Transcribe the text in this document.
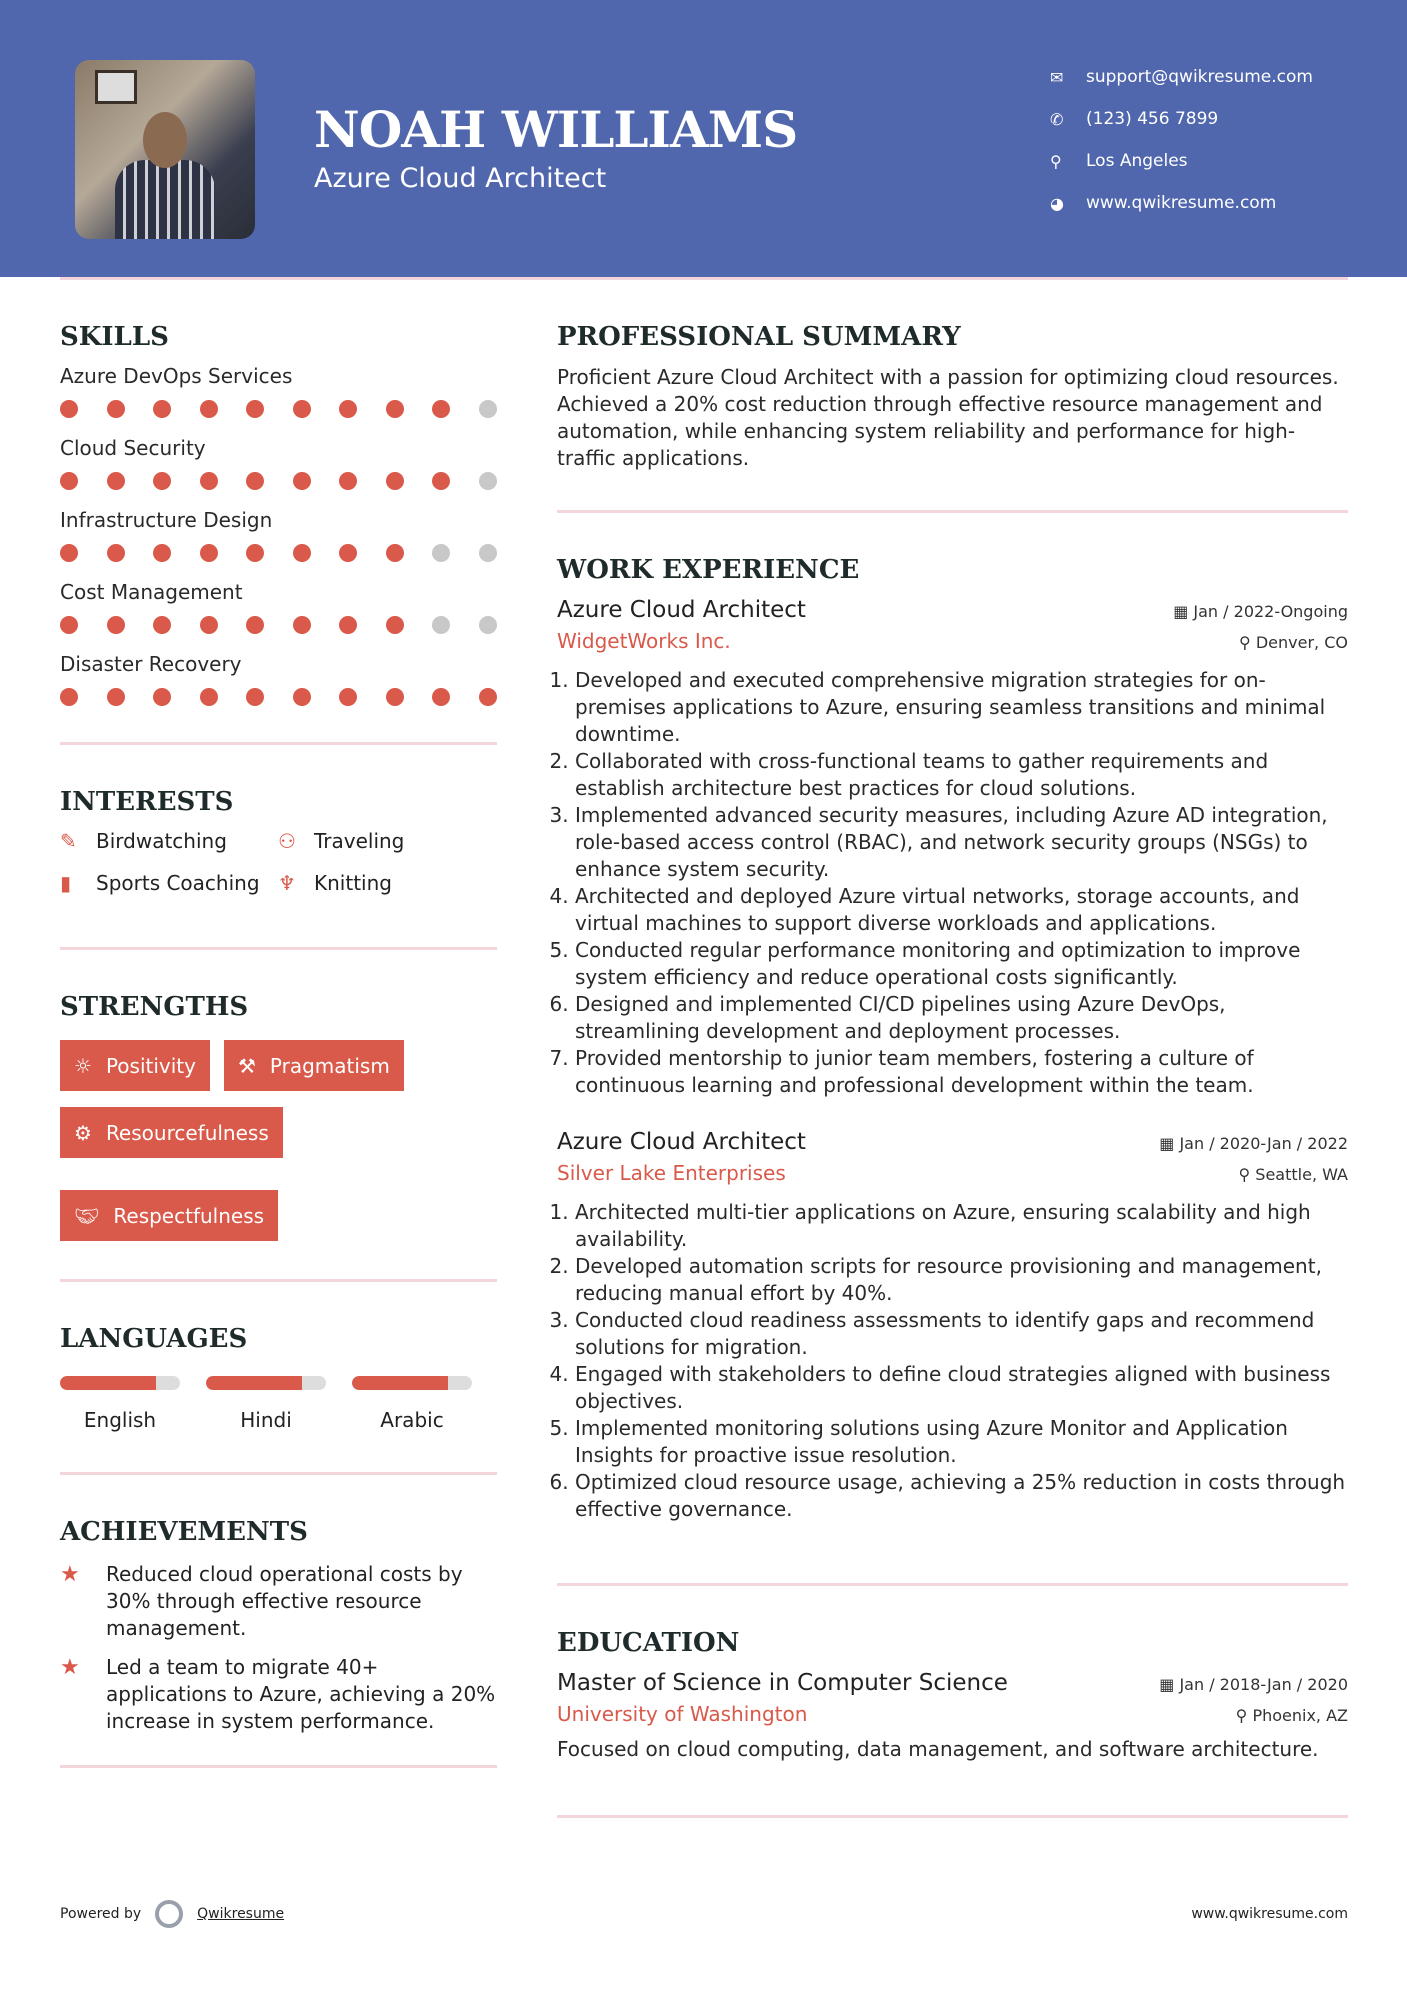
NOAH WILLIAMS
Azure Cloud Architect
✉	support@qwikresume.com
✆	(123) 456 7899
⚲	Los Angeles
◕	www.qwikresume.com
SKILLS
Azure DevOps Services
Cloud Security
Infrastructure Design
Cost Management
Disaster Recovery
INTERESTS
✎ Birdwatching	⚇ Traveling
▮	Sports Coaching ♆ Knitting
STRENGTHS
☼ Positivity ⚒ Pragmatism
⚙ Resourcefulness
🤝︎ Respectfulness
LANGUAGES
English	Hindi	Arabic
ACHIEVEMENTS
★	Reduced cloud operational costs by 30% through effective resource management.
★	Led a team to migrate 40+ applications to Azure, achieving a 20% increase in system performance.
PROFESSIONAL SUMMARY

Proficient Azure Cloud Architect with a passion for optimizing cloud resources. Achieved a 20% cost reduction through effective resource management and automation, while enhancing system reliability and performance for high-traffic applications.

WORK EXPERIENCE
Azure Cloud Architect	▦ Jan / 2022-Ongoing
WidgetWorks Inc.	⚲ Denver, CO
1. Developed and executed comprehensive migration strategies for on-premises applications to Azure, ensuring seamless transitions and minimal downtime.
2. Collaborated with cross-functional teams to gather requirements and establish architecture best practices for cloud solutions.
3. Implemented advanced security measures, including Azure AD integration, role-based access control (RBAC), and network security groups (NSGs) to enhance system security.
4. Architected and deployed Azure virtual networks, storage accounts, and virtual machines to support diverse workloads and applications.
5. Conducted regular performance monitoring and optimization to improve system efficiency and reduce operational costs significantly.
6. Designed and implemented CI/CD pipelines using Azure DevOps, streamlining development and deployment processes.
7. Provided mentorship to junior team members, fostering a culture of continuous learning and professional development within the team.
Azure Cloud Architect	▦ Jan / 2020-Jan / 2022
Silver Lake Enterprises	⚲ Seattle, WA
1. Architected multi-tier applications on Azure, ensuring scalability and high availability.
2. Developed automation scripts for resource provisioning and management, reducing manual effort by 40%.
3. Conducted cloud readiness assessments to identify gaps and recommend solutions for migration.
4. Engaged with stakeholders to define cloud strategies aligned with business objectives.
5. Implemented monitoring solutions using Azure Monitor and Application Insights for proactive issue resolution.
6. Optimized cloud resource usage, achieving a 25% reduction in costs through effective governance.
EDUCATION
Master of Science in Computer Science	▦ Jan / 2018-Jan / 2020
University of Washington	⚲ Phoenix, AZ

Focused on cloud computing, data management, and software architecture.

Powered by	Qwikresume	www.qwikresume.com
